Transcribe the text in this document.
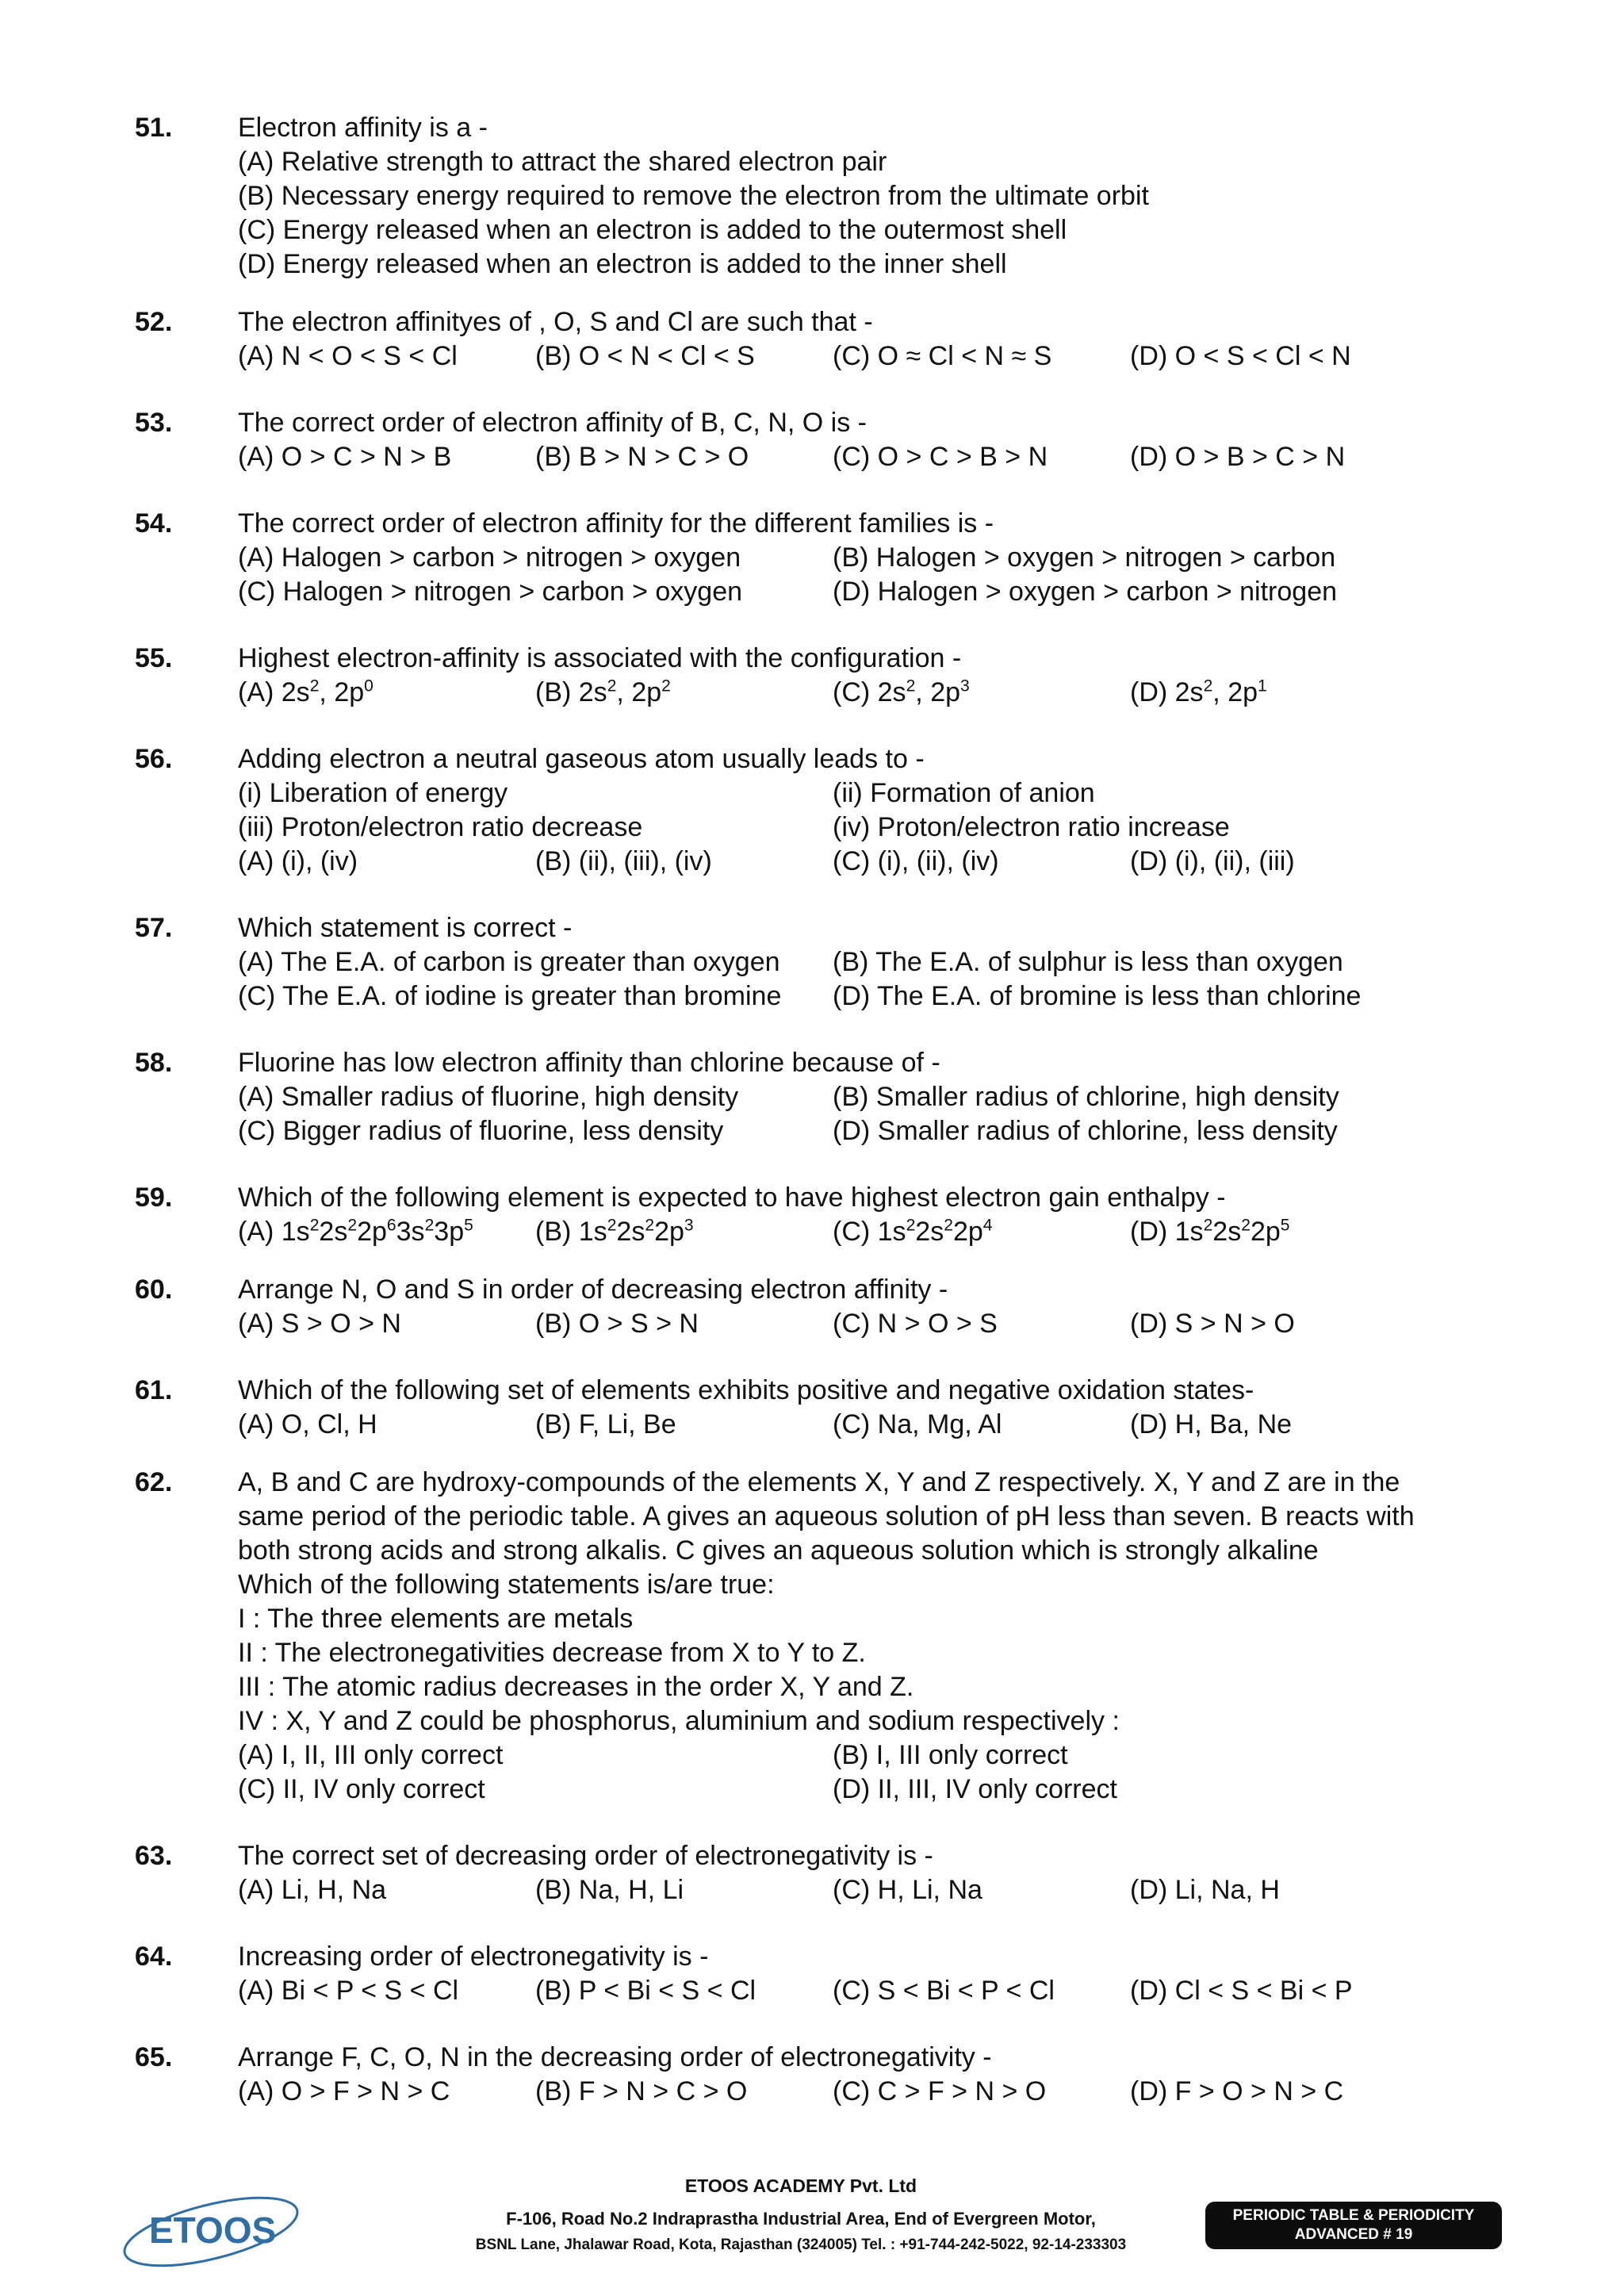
51. Electron affinity is a -
(A) Relative strength to attract the shared electron pair
(B) Necessary energy required to remove the electron from the ultimate orbit
(C) Energy released when an electron is added to the outermost shell
(D) Energy released when an electron is added to the inner shell
52. The electron affinityes of , O, S and Cl are such that -
(A) N < O < S < Cl	(B) O < N < Cl < S	(C) O ≈ Cl < N ≈ S	(D) O < S < Cl < N
53. The correct order of electron affinity of B, C, N, O is -
(A) O > C > N > B	(B) B > N > C > O	(C) O > C > B > N	(D) O > B > C > N
54. The correct order of electron affinity for the different families is -
(A) Halogen > carbon > nitrogen > oxygen	(B) Halogen > oxygen > nitrogen > carbon
(C) Halogen > nitrogen > carbon > oxygen	(D) Halogen > oxygen > carbon > nitrogen
55. Highest electron-affinity is associated with the configuration -
(A) $2s^2$, $2p^0$	(B) $2s^2$, $2p^2$	(C) $2s^2$, $2p^3$	(D) $2s^2$, $2p^1$
56. Adding electron a neutral gaseous atom usually leads to -
(i) Liberation of energy	(ii) Formation of anion
(iii) Proton/electron ratio decrease	(iv) Proton/electron ratio increase
(A) (i), (iv)	(B) (ii), (iii), (iv)	(C) (i), (ii), (iv)	(D) (i), (ii), (iii)
57. Which statement is correct -
(A) The E.A. of carbon is greater than oxygen	(B) The E.A. of sulphur is less than oxygen
(C) The E.A. of iodine is greater than bromine	(D) The E.A. of bromine is less than chlorine
58. Fluorine has low electron affinity than chlorine because of -
(A) Smaller radius of fluorine, high density	(B) Smaller radius of chlorine, high density
(C) Bigger radius of fluorine, less density	(D) Smaller radius of chlorine, less density
59. Which of the following element is expected to have highest electron gain enthalpy -
(A) $1s^22s^22p^63s^23p^5$	(B) $1s^22s^22p^3$	(C) $1s^22s^22p^4$	(D) $1s^22s^22p^5$
60. Arrange N, O and S in order of decreasing electron affinity -
(A) S > O > N	(B) O > S > N	(C) N > O > S	(D) S > N > O
61. Which of the following set of elements exhibits positive and negative oxidation states-
(A) O, Cl, H	(B) F, Li, Be	(C) Na, Mg, Al	(D) H, Ba, Ne
62. A, B and C are hydroxy-compounds of the elements X, Y and Z respectively. X, Y and Z are in the
same period of the periodic table. A gives an aqueous solution of pH less than seven. B reacts with
both strong acids and strong alkalis. C gives an aqueous solution which is strongly alkaline
Which of the following statements is/are true:
I : The three elements are metals
II : The electronegativities decrease from X to Y to Z.
III : The atomic radius decreases in the order X, Y and Z.
IV : X, Y and Z could be phosphorus, aluminium and sodium respectively :
(A) I, II, III only correct	(B) I, III only correct
(C) II, IV only correct	(D) II, III, IV only correct
63. The correct set of decreasing order of electronegativity is -
(A) Li, H, Na	(B) Na, H, Li	(C) H, Li, Na	(D) Li, Na, H
64. Increasing order of electronegativity is -
(A) Bi < P < S < Cl	(B) P < Bi < S < Cl	(C) S < Bi < P < Cl	(D) Cl < S < Bi < P
65. Arrange F, C, O, N in the decreasing order of electronegativity -
(A) O > F > N > C	(B) F > N > C > O	(C) C > F > N > O	(D) F > O > N > C
ETOOS
ETOOS ACADEMY Pvt. Ltd
F-106, Road No.2 Indraprastha Industrial Area, End of Evergreen Motor,
BSNL Lane, Jhalawar Road, Kota, Rajasthan (324005) Tel. : +91-744-242-5022, 92-14-233303
PERIODIC TABLE & PERIODICITY
ADVANCED # 19
